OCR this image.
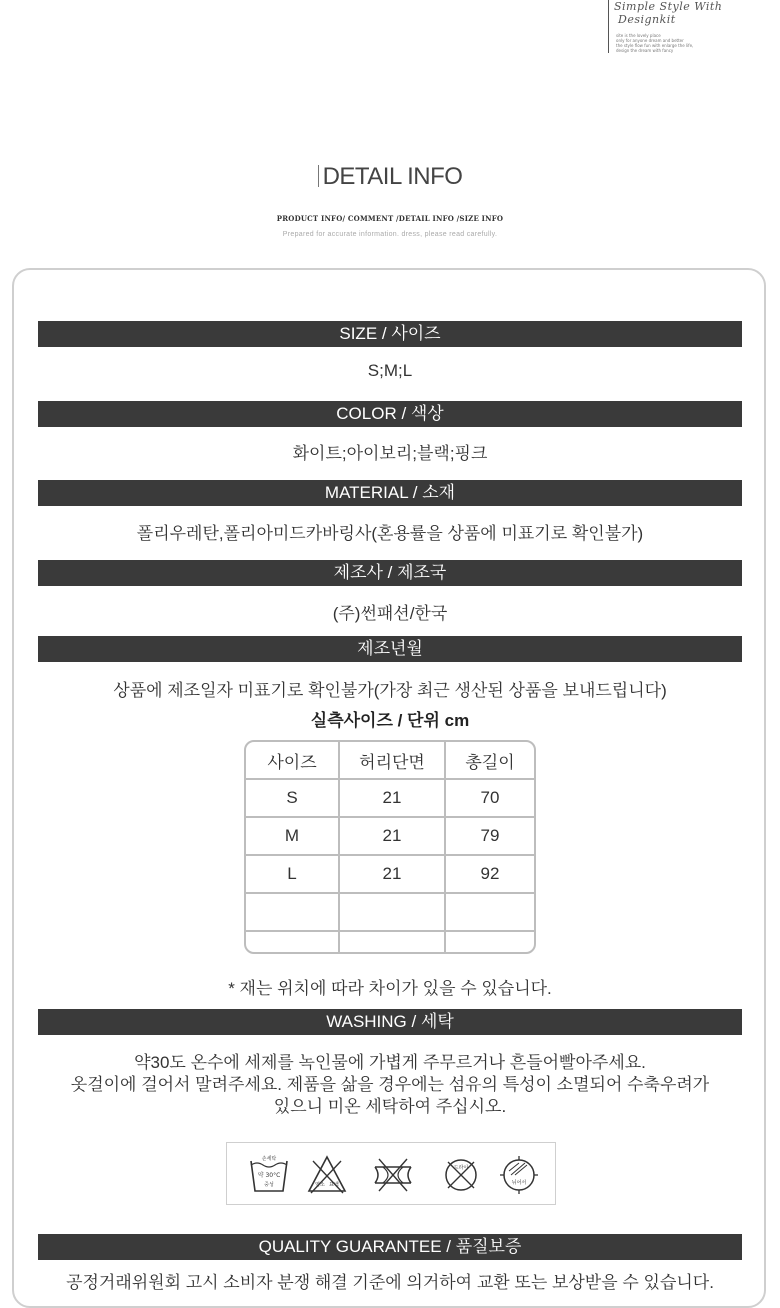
Simple Style With
Designkit
site is the lovely place
only for anyone dream and better
the style flow fun with enlarge the life,
design the dream with fancy
DETAIL INFO
PRODUCT INFO/ COMMENT /DETAIL INFO /SIZE INFO
Prepared for accurate information. dress, please read carefully.
SIZE / 사이즈
S;M;L
COLOR / 색상
화이트;아이보리;블랙;핑크
MATERIAL / 소재
폴리우레탄,폴리아미드카바링사(혼용률을 상품에 미표기로 확인불가)
제조사 / 제조국
(주)썬패션/한국
제조년월
상품에 제조일자 미표기로 확인불가(가장 최근 생산된 상품을 보내드립니다)
실측사이즈 / 단위 cm
사이즈	허리단면	총길이
S	21	70
M	21	79
L	21	92

* 재는 위치에 따라 차이가 있을 수 있습니다.
WASHING / 세탁
약30도 온수에 세제를 녹인물에 가볍게 주무르거나 흔들어빨아주세요.
옷걸이에 걸어서 말려주세요. 제품을 삶을 경우에는 섬유의 특성이 소멸되어 수축우려가
있으니 미온 세탁하여 주십시오.
손세탁
약 30°C
중성	염소 표백
드라이
뉘어서
QUALITY GUARANTEE / 품질보증
공정거래위원회 고시 소비자 분쟁 해결 기준에 의거하여 교환 또는 보상받을 수 있습니다.
